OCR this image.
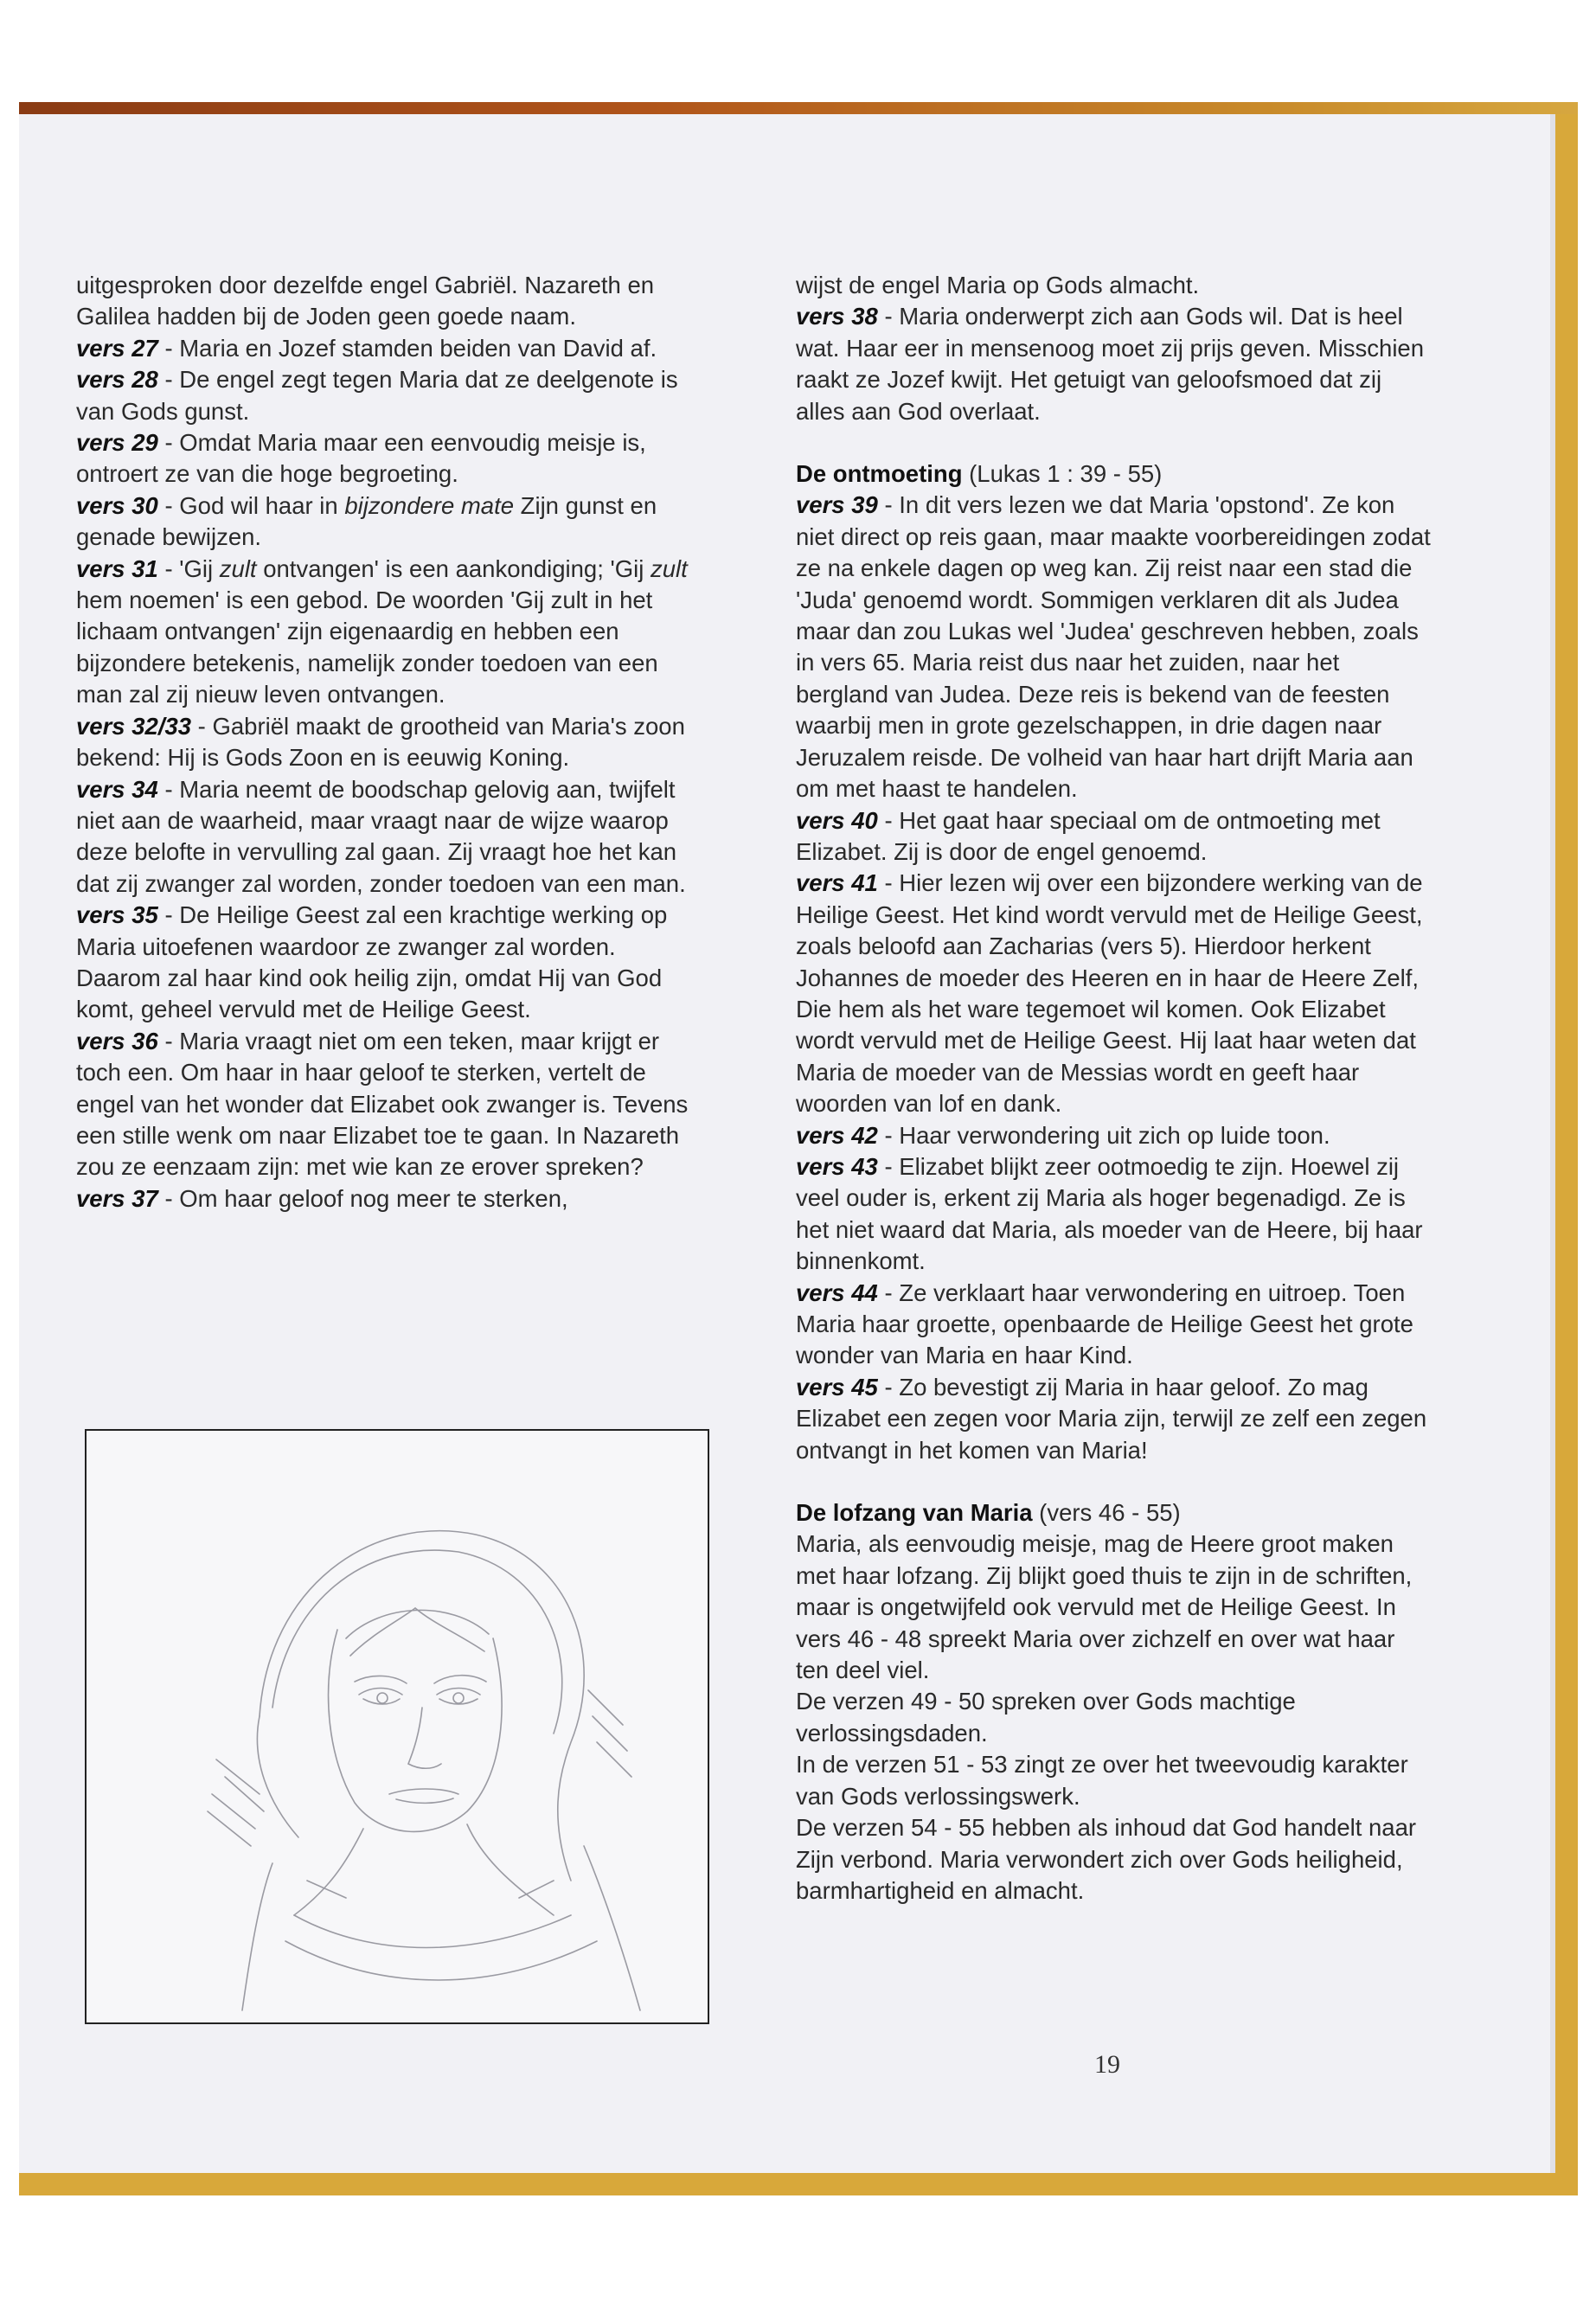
uitgesproken door dezelfde engel Gabriël. Nazareth en Galilea hadden bij de Joden geen goede naam.

vers 27 - Maria en Jozef stamden beiden van David af.

vers 28 - De engel zegt tegen Maria dat ze deelgenote is van Gods gunst.

vers 29 - Omdat Maria maar een eenvoudig meisje is, ontroert ze van die hoge begroeting.

vers 30 - God wil haar in bijzondere mate Zijn gunst en genade bewijzen.

vers 31 - 'Gij zult ontvangen' is een aankondiging; 'Gij zult hem noemen' is een gebod. De woorden 'Gij zult in het lichaam ontvangen' zijn eigenaardig en hebben een bijzondere betekenis, namelijk zonder toedoen van een man zal zij nieuw leven ontvangen.

vers 32/33 - Gabriël maakt de grootheid van Maria's zoon bekend: Hij is Gods Zoon en is eeuwig Koning.

vers 34 - Maria neemt de boodschap gelovig aan, twijfelt niet aan de waarheid, maar vraagt naar de wijze waarop deze belofte in vervulling zal gaan. Zij vraagt hoe het kan dat zij zwanger zal worden, zonder toedoen van een man.

vers 35 - De Heilige Geest zal een krachtige werking op Maria uitoefenen waardoor ze zwanger zal worden. Daarom zal haar kind ook heilig zijn, omdat Hij van God komt, geheel vervuld met de Heilige Geest.

vers 36 - Maria vraagt niet om een teken, maar krijgt er toch een. Om haar in haar geloof te sterken, vertelt de engel van het wonder dat Elizabet ook zwanger is. Tevens een stille wenk om naar Elizabet toe te gaan. In Nazareth zou ze eenzaam zijn: met wie kan ze erover spreken?

vers 37 - Om haar geloof nog meer te sterken,

wijst de engel Maria op Gods almacht.

vers 38 - Maria onderwerpt zich aan Gods wil. Dat is heel wat. Haar eer in mensenoog moet zij prijs geven. Misschien raakt ze Jozef kwijt. Het getuigt van geloofsmoed dat zij alles aan God overlaat.

De ontmoeting (Lukas 1 : 39 - 55)

vers 39 - In dit vers lezen we dat Maria 'opstond'. Ze kon niet direct op reis gaan, maar maakte voorbereidingen zodat ze na enkele dagen op weg kan. Zij reist naar een stad die 'Juda' genoemd wordt. Sommigen verklaren dit als Judea maar dan zou Lukas wel 'Judea' geschreven hebben, zoals in vers 65. Maria reist dus naar het zuiden, naar het bergland van Judea. Deze reis is bekend van de feesten waarbij men in grote gezelschappen, in drie dagen naar Jeruzalem reisde. De volheid van haar hart drijft Maria aan om met haast te handelen.

vers 40 - Het gaat haar speciaal om de ontmoeting met Elizabet. Zij is door de engel genoemd.

vers 41 - Hier lezen wij over een bijzondere werking van de Heilige Geest. Het kind wordt vervuld met de Heilige Geest, zoals beloofd aan Zacharias (vers 5). Hierdoor herkent Johannes de moeder des Heeren en in haar de Heere Zelf, Die hem als het ware tegemoet wil komen. Ook Elizabet wordt vervuld met de Heilige Geest. Hij laat haar weten dat Maria de moeder van de Messias wordt en geeft haar woorden van lof en dank.

vers 42 - Haar verwondering uit zich op luide toon.

vers 43 - Elizabet blijkt zeer ootmoedig te zijn. Hoewel zij veel ouder is, erkent zij Maria als hoger begenadigd. Ze is het niet waard dat Maria, als moeder van de Heere, bij haar binnenkomt.

vers 44 - Ze verklaart haar verwondering en uitroep. Toen Maria haar groette, openbaarde de Heilige Geest het grote wonder van Maria en haar Kind.

vers 45 - Zo bevestigt zij Maria in haar geloof. Zo mag Elizabet een zegen voor Maria zijn, terwijl ze zelf een zegen ontvangt in het komen van Maria!

De lofzang van Maria (vers 46 - 55)

Maria, als eenvoudig meisje, mag de Heere groot maken met haar lofzang. Zij blijkt goed thuis te zijn in de schriften, maar is ongetwijfeld ook vervuld met de Heilige Geest. In vers 46 - 48 spreekt Maria over zichzelf en over wat haar ten deel viel.

De verzen 49 - 50 spreken over Gods machtige verlossingsdaden.

In de verzen 51 - 53 zingt ze over het tweevoudig karakter van Gods verlossingswerk.

De verzen 54 - 55 hebben als inhoud dat God handelt naar Zijn verbond. Maria verwondert zich over Gods heiligheid, barmhartigheid en almacht.

19
